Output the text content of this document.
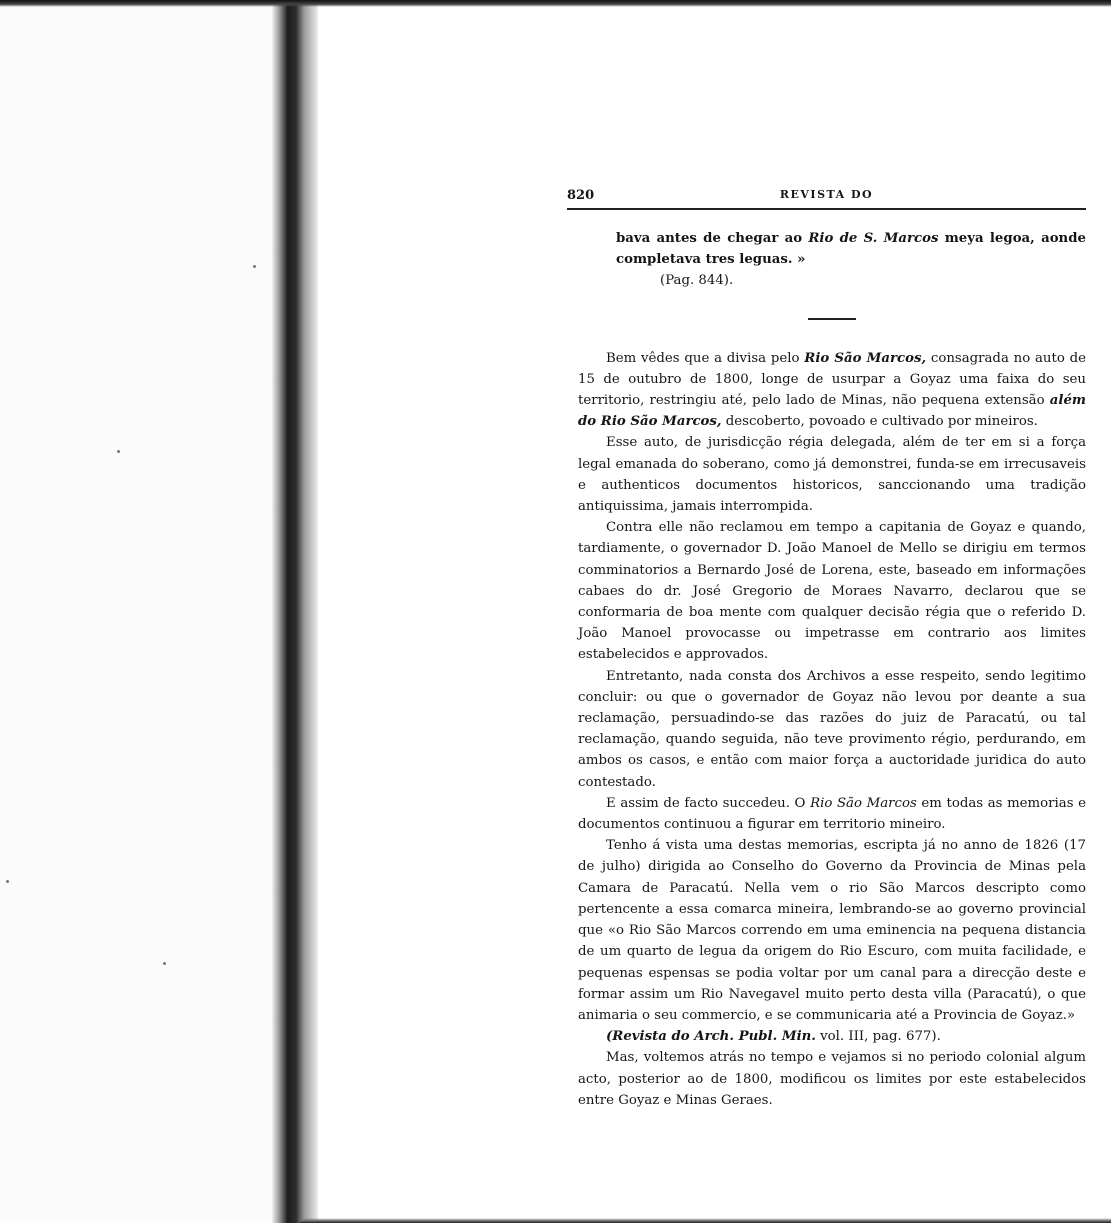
820	REVISTA DO

bava antes de chegar ao Rio de S. Marcos meya legoa, aonde completava tres leguas. »

(Pag. 844).

Bem vêdes que a divisa pelo Rio São Marcos, consagrada no auto de 15 de outubro de 1800, longe de usurpar a Goyaz uma faixa do seu territorio, restringiu até, pelo lado de Minas, não pequena extensão além do Rio São Marcos, descoberto, povoado e cultivado por mineiros.

Esse auto, de jurisdicção régia delegada, além de ter em si a força legal emanada do soberano, como já demonstrei, funda-se em irrecusaveis e authenticos documentos historicos, sanccionando uma tradição antiquissima, jamais interrompida.

Contra elle não reclamou em tempo a capitania de Goyaz e quando, tardiamente, o governador D. João Manoel de Mello se dirigiu em termos comminatorios a Bernardo José de Lorena, este, baseado em informações cabaes do dr. José Gregorio de Moraes Navarro, declarou que se conformaria de boa mente com qualquer decisão régia que o referido D. João Manoel provocasse ou impetrasse em contrario aos limites estabelecidos e approvados.

Entretanto, nada consta dos Archivos a esse respeito, sendo legitimo concluir: ou que o governador de Goyaz não levou por deante a sua reclamação, persuadindo-se das razões do juiz de Paracatú, ou tal reclamação, quando seguida, não teve provimento régio, perdurando, em ambos os casos, e então com maior força a auctoridade juridica do auto contestado.

E assim de facto succedeu. O Rio São Marcos em todas as memorias e documentos continuou a figurar em territorio mineiro.

Tenho á vista uma destas memorias, escripta já no anno de 1826 (17 de julho) dirigida ao Conselho do Governo da Provincia de Minas pela Camara de Paracatú. Nella vem o rio São Marcos descripto como pertencente a essa comarca mineira, lembrando-se ao governo provincial que «o Rio São Marcos correndo em uma eminencia na pequena distancia de um quarto de legua da origem do Rio Escuro, com muita facilidade, e pequenas espensas se podia voltar por um canal para a direcção deste e formar assim um Rio Navegavel muito perto desta villa (Paracatú), o que animaria o seu commercio, e se communicaria até a Provincia de Goyaz.»

(Revista do Arch. Publ. Min. vol. III, pag. 677).

Mas, voltemos atrás no tempo e vejamos si no periodo colonial algum acto, posterior ao de 1800, modificou os limites por este estabelecidos entre Goyaz e Minas Geraes.
